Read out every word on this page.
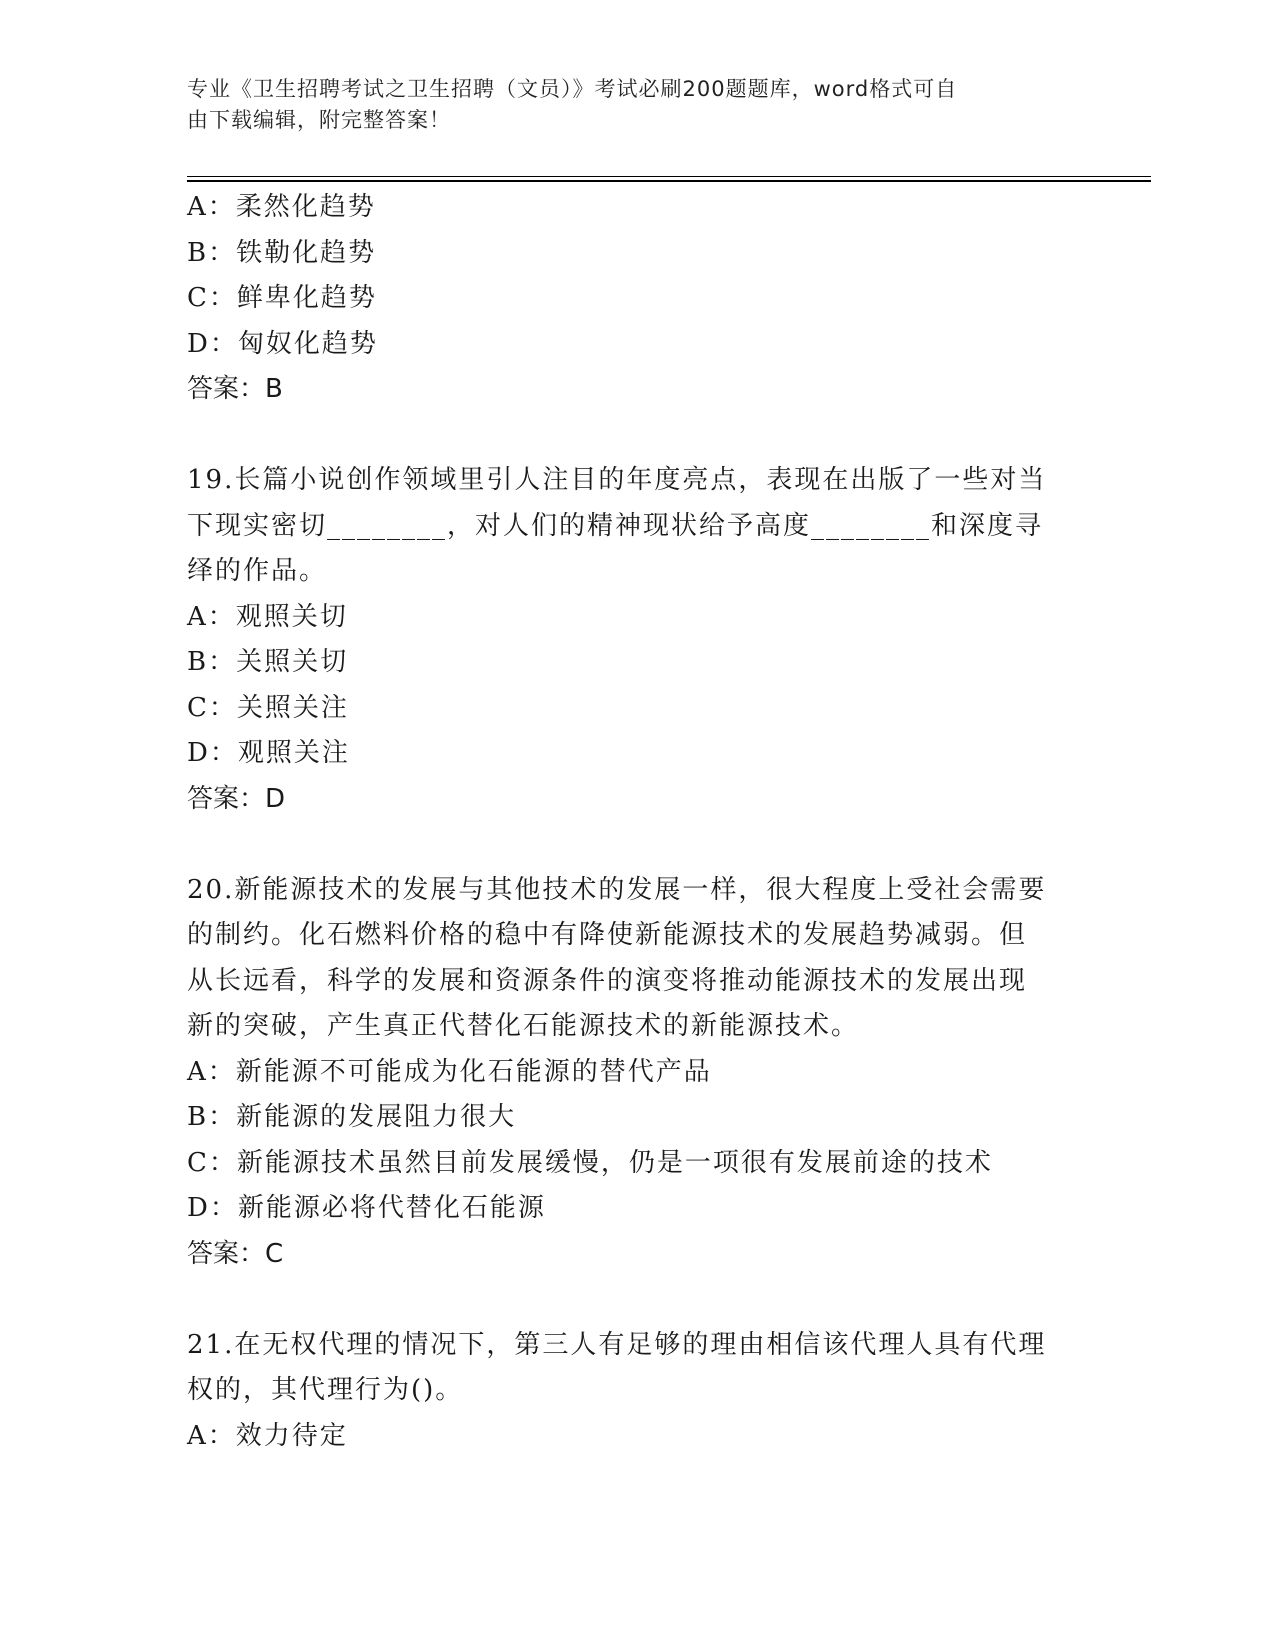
专业《卫生招聘考试之卫生招聘（文员）》考试必刷200题题库，word格式可自
由下载编辑，附完整答案！
A：柔然化趋势
B：铁勒化趋势
C：鲜卑化趋势
D：匈奴化趋势
答案：B
19.长篇小说创作领域里引人注目的年度亮点，表现在出版了一些对当
下现实密切________，对人们的精神现状给予高度________和深度寻
绎的作品。
A：观照关切
B：关照关切
C：关照关注
D：观照关注
答案：D
20.新能源技术的发展与其他技术的发展一样，很大程度上受社会需要
的制约。化石燃料价格的稳中有降使新能源技术的发展趋势减弱。但
从长远看，科学的发展和资源条件的演变将推动能源技术的发展出现
新的突破，产生真正代替化石能源技术的新能源技术。
A：新能源不可能成为化石能源的替代产品
B：新能源的发展阻力很大
C：新能源技术虽然目前发展缓慢，仍是一项很有发展前途的技术
D：新能源必将代替化石能源
答案：C
21.在无权代理的情况下，第三人有足够的理由相信该代理人具有代理
权的，其代理行为()。
A：效力待定
